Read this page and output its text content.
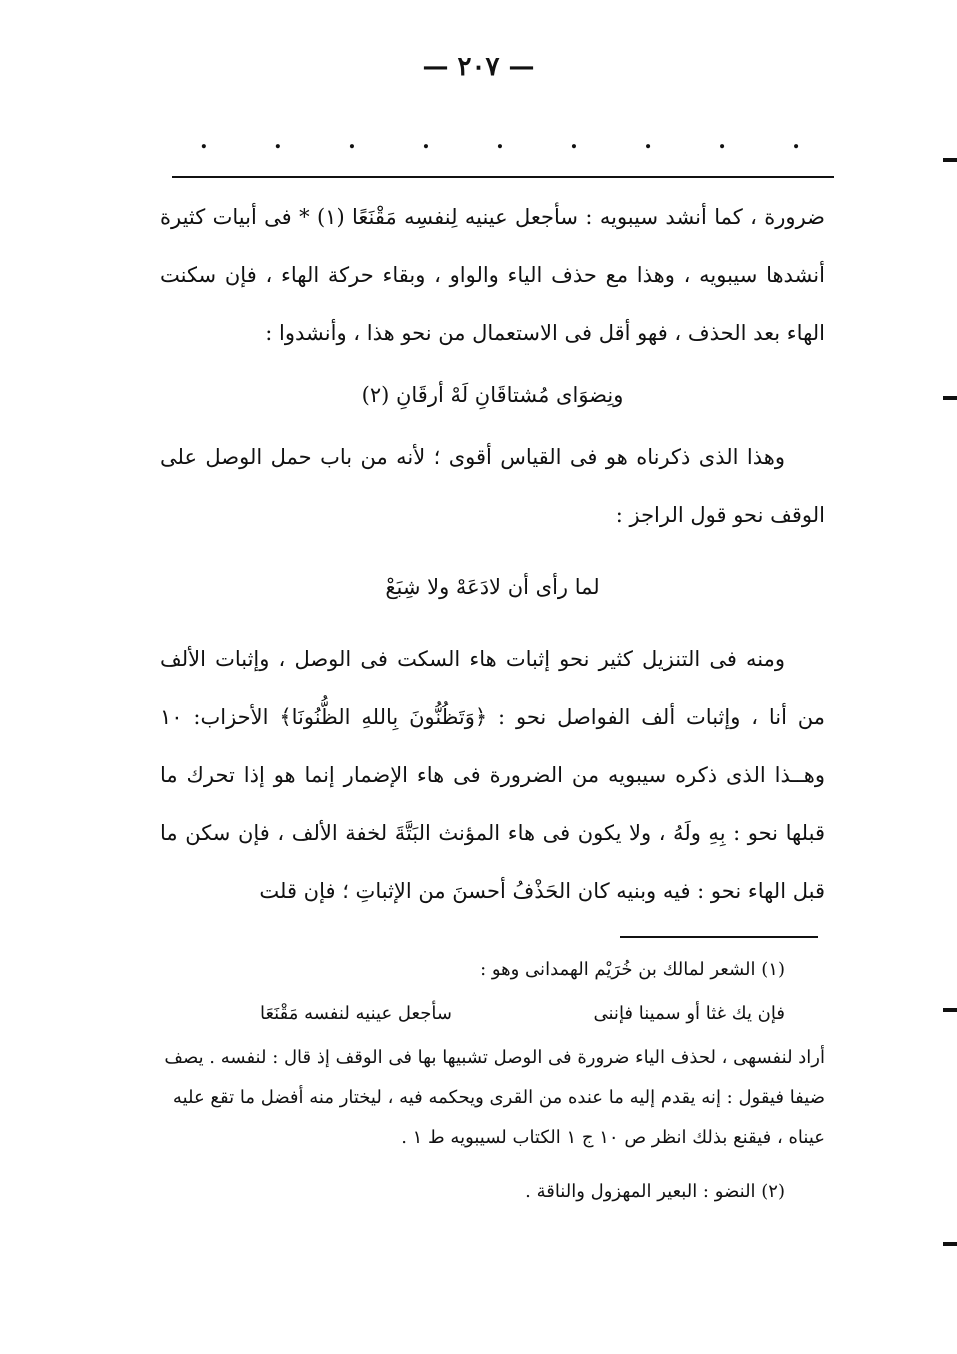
— ٢٠٧ —
.	.	.	.	.	.	.	.	.

ضرورة ، كما أنشد سيبويه : سأجعل عينيه لِنفسِه مَقْنَعًا (١) * فى أبيات كثيرة أنشدها سيبويه ، وهذا مع حذف الياء والواو ، وبقاء حركة الهاء ، فإن سكنت الهاء بعد الحذف ، فهو أقل فى الاستعمال من نحو هذا ، وأنشدوا :

ونِضوَاى مُشتاقَانِ لَهْ أرقَانِ (٢)

وهذا الذى ذكرناه هو فى القياس أقوى ؛ لأنه من باب حمل الوصل على الوقف نحو قول الراجز :

لما رأى أن لادَعَهْ ولا شِبَعْ

ومنه فى التنزيل كثير نحو إثبات هاء السكت فى الوصل ، وإثبات الألف من أنا ، وإثبات ألف الفواصل نحو : ﴿وَتَظُنُّونَ بِاللهِ الظُّنُونَا﴾ الأحزاب: ١٠ وهــذا الذى ذكره سيبويه من الضرورة فى هاء الإضمار إنما هو إذا تحرك ما قبلها نحو : بِهِ ولَهُ ، ولا يكون فى هاء المؤنث البَتَّةَ لخفة الألف ، فإن سكن ما قبل الهاء نحو : فيه وبنيه كان الحَذْفُ أحسنَ من الإثباتِ ؛ فإن قلت

(١) الشعر لمالك بن خُرَيْم الهمدانى وهو :

فإن يك غثا أو سمينا فإننى
سأجعل عينيه لنفسه مَقْنَعَا

أراد لنفسهى ، لحذف الياء ضرورة فى الوصل تشبيها بها فى الوقف إذ قال : لنفسه . يصف ضيفا فيقول : إنه يقدم إليه ما عنده من القرى ويحكمه فيه ، ليختار منه أفضل ما تقع عليه عيناه ، فيقنع بذلك انظر ص ١٠ ج ١ الكتاب لسيبويه ط ١ .

(٢) النضو : البعير المهزول والناقة .
